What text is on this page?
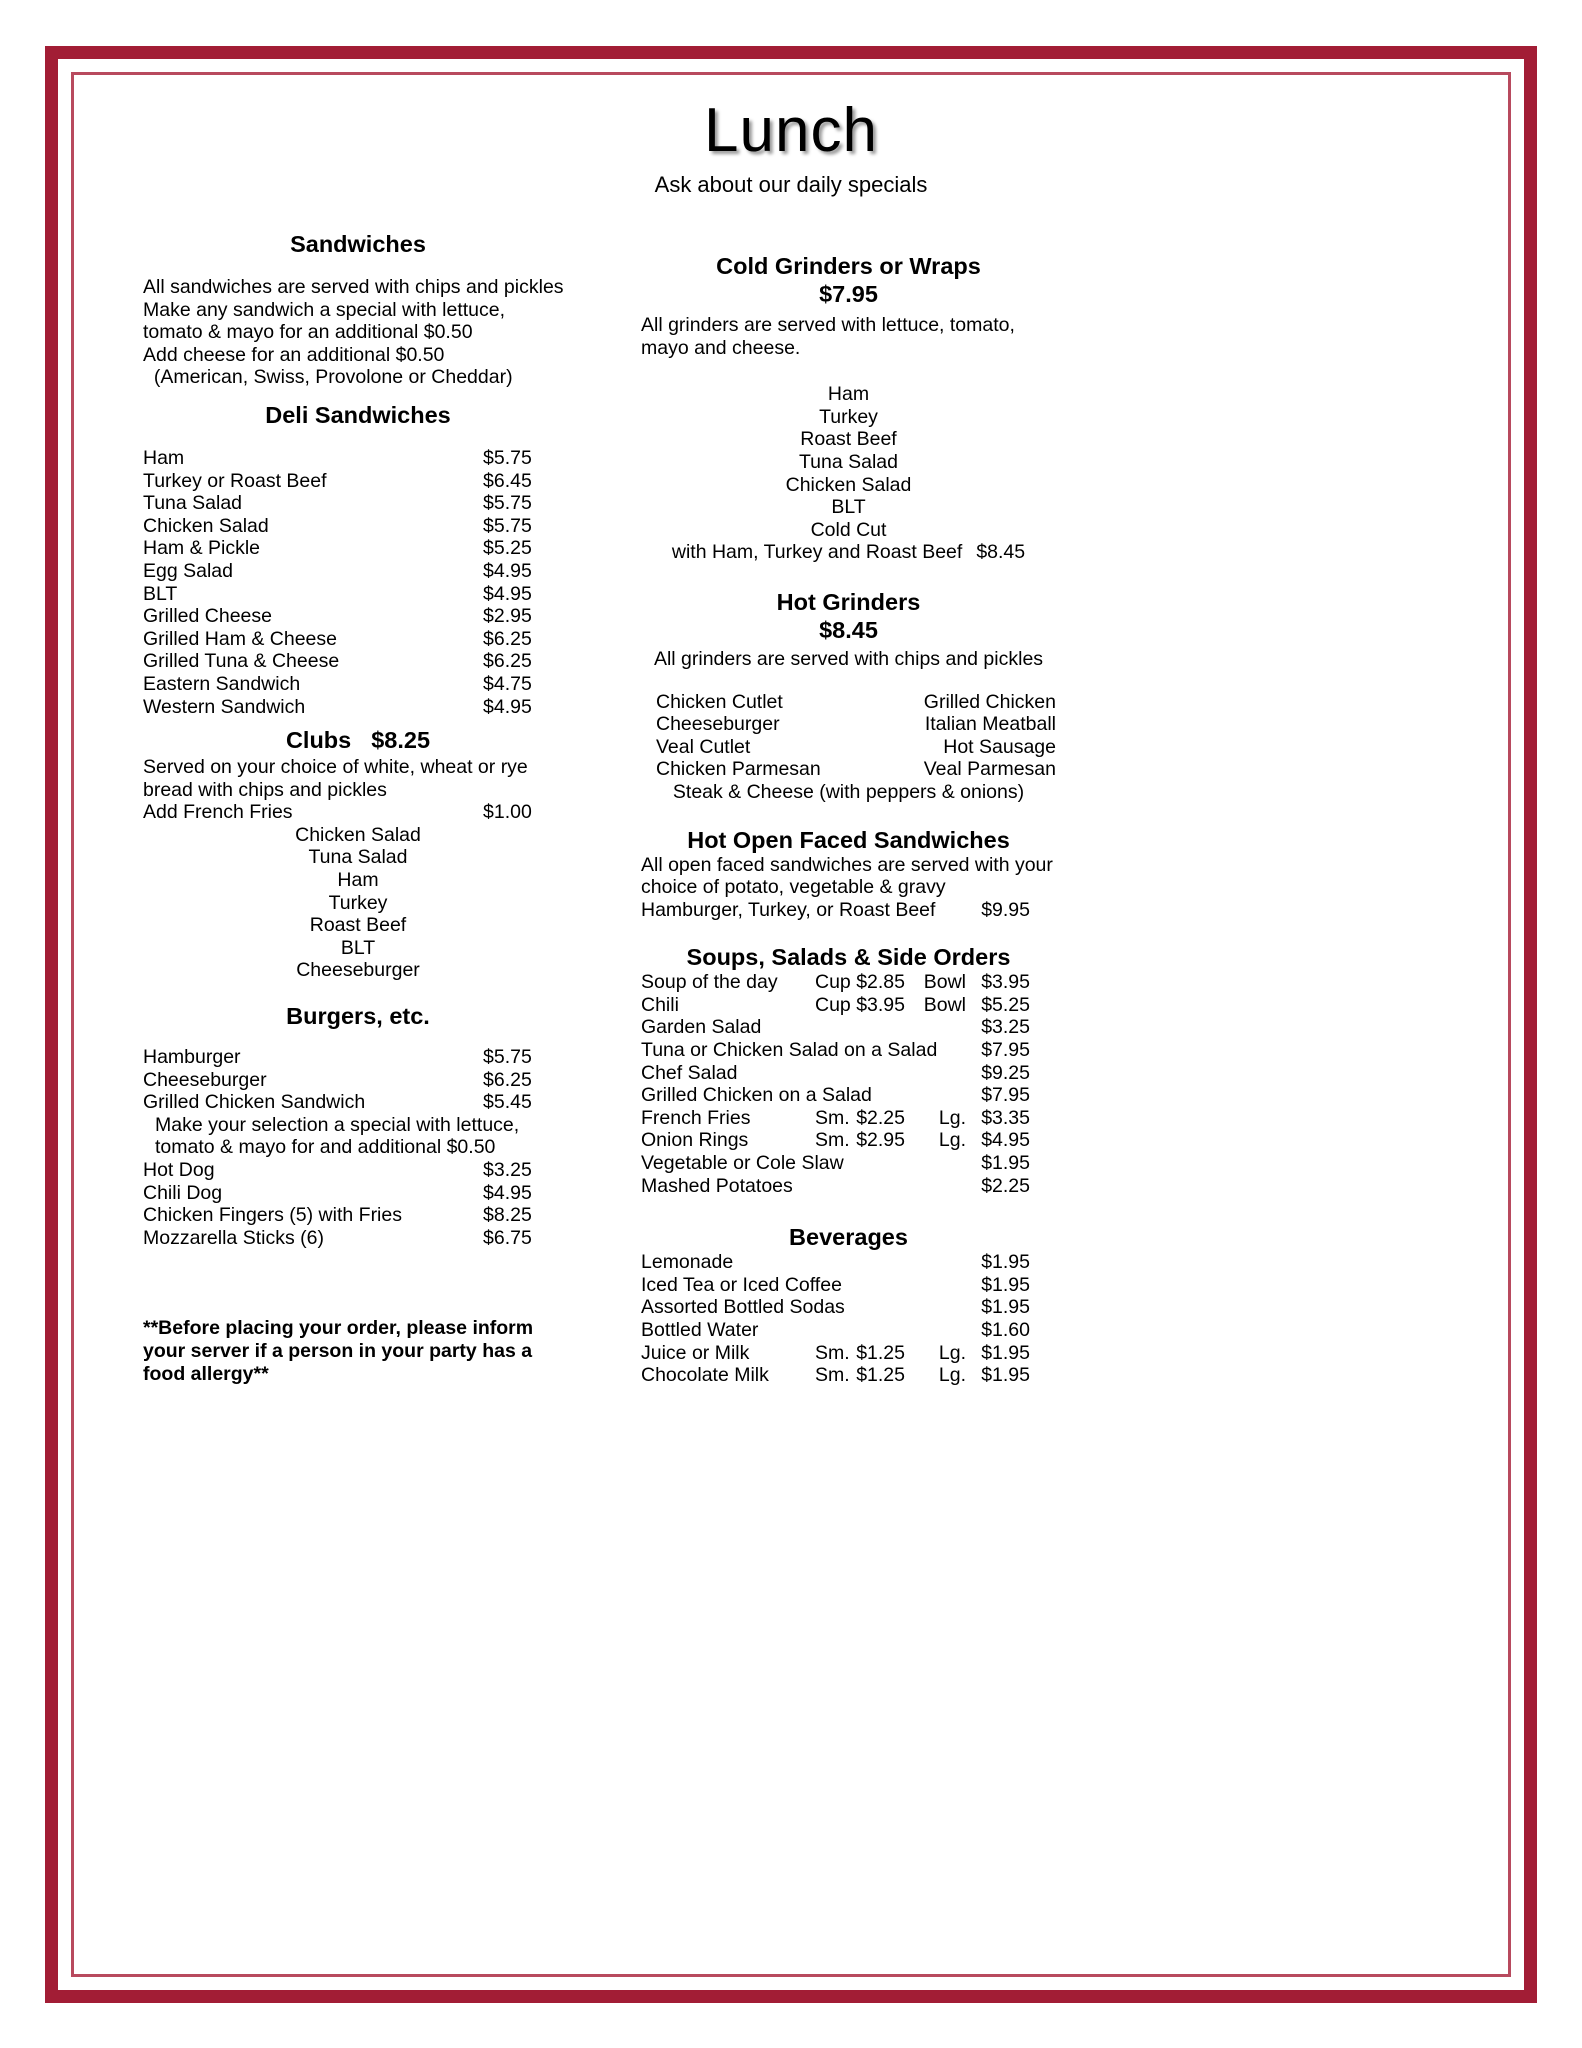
Lunch
Ask about our daily specials
Sandwiches
All sandwiches are served with chips and pickles
Make any sandwich a special with lettuce,
tomato & mayo for an additional $0.50
Add cheese for an additional $0.50
(American, Swiss, Provolone or Cheddar)
Deli Sandwiches
Ham	$5.75
Turkey or Roast Beef	$6.45
Tuna Salad	$5.75
Chicken Salad	$5.75
Ham & Pickle	$5.25
Egg Salad	$4.95
BLT	$4.95
Grilled Cheese	$2.95
Grilled Ham & Cheese	$6.25
Grilled Tuna & Cheese	$6.25
Eastern Sandwich	$4.75
Western Sandwich	$4.95
Clubs $8.25
Served on your choice of white, wheat or rye
bread with chips and pickles
Add French Fries	$1.00
Chicken Salad
Tuna Salad
Ham
Turkey
Roast Beef
BLT
Cheeseburger
Burgers, etc.
Hamburger	$5.75
Cheeseburger	$6.25
Grilled Chicken Sandwich	$5.45
Make your selection a special with lettuce,
tomato & mayo for and additional $0.50
Hot Dog	$3.25
Chili Dog	$4.95
Chicken Fingers (5) with Fries	$8.25
Mozzarella Sticks (6)	$6.75
**Before placing your order, please inform
your server if a person in your party has a
food allergy**
Cold Grinders or Wraps
$7.95
All grinders are served with lettuce, tomato,
mayo and cheese.
Ham
Turkey
Roast Beef
Tuna Salad
Chicken Salad
BLT
Cold Cut
with Ham, Turkey and Roast Beef $8.45
Hot Grinders
$8.45
All grinders are served with chips and pickles
Chicken Cutlet	Grilled Chicken
Cheeseburger	Italian Meatball
Veal Cutlet	Hot Sausage
Chicken Parmesan	Veal Parmesan
Steak & Cheese (with peppers & onions)
Hot Open Faced Sandwiches
All open faced sandwiches are served with your
choice of potato, vegetable & gravy
Hamburger, Turkey, or Roast Beef $9.95
Soups, Salads & Side Orders
Soup of the day Cup $2.85 Bowl $3.95
Chili	Cup $3.95 Bowl $5.25
Garden Salad	$3.25
Tuna or Chicken Salad on a Salad $7.95
Chef Salad	$9.25
Grilled Chicken on a Salad	$7.95
French Fries	Sm. $2.25 Lg. $3.35
Onion Rings	Sm. $2.95 Lg. $4.95
Vegetable or Cole Slaw	$1.95
Mashed Potatoes	$2.25
Beverages
Lemonade	$1.95
Iced Tea or Iced Coffee	$1.95
Assorted Bottled Sodas	$1.95
Bottled Water	$1.60
Juice or Milk	Sm. $1.25 Lg. $1.95
Chocolate Milk Sm. $1.25 Lg. $1.95
